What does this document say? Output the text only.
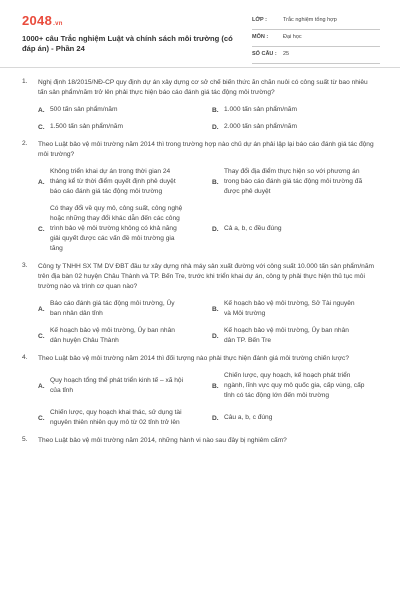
2048.vn
1000+ câu Trắc nghiệm Luật và chính sách môi trường (có đáp án) - Phần 24
LỚP :	Trắc nghiệm tổng hợp
MÔN :	Đại học
SỐ CÂU : 25
1. Nghị định 18/2015/NĐ-CP quy định dự án xây dựng cơ sở chế biến thức ăn chăn nuôi có công suất từ bao nhiêu tấn sản phẩm/năm trở lên phải thực hiện báo cáo đánh giá tác động môi trường?
A. 500 tấn sản phẩm/năm	B. 1.000 tấn sản phẩm/năm
C. 1.500 tấn sản phẩm/năm	D. 2.000 tấn sản phẩm/năm
2. Theo Luật bảo vệ môi trường năm 2014 thì trong trường hợp nào chủ dự án phải lập lại báo cáo đánh giá tác động môi trường?
A.
Không triển khai dự án trong thời gian 24 tháng kể từ thời điểm quyết định phê duyệt báo cáo đánh giá tác động môi trường
B.
Thay đổi địa điểm thực hiện so với phương án trong báo cáo đánh giá tác động môi trường đã được phê duyệt
C.
Có thay đổi về quy mô, công suất, công nghệ hoặc những thay đổi khác dẫn đến các công trình bảo vệ môi trường không có khả năng giải quyết được các vấn đề môi trường gia tăng
D. Cả a, b, c đều đúng
3. Công ty TNHH SX TM DV ĐBT đầu tư xây dựng nhà máy sản xuất đường với công suất 10.000 tấn sản phẩm/năm trên địa bàn 02 huyện Châu Thành và TP. Bến Tre, trước khi triển khai dự án, công ty phải thực hiện thủ tục môi trường nào và trình cơ quan nào?
A.
Báo cáo đánh giá tác động môi trường, Ủy ban nhân dân tỉnh
B.
Kế hoạch bảo vệ môi trường, Sở Tài nguyên và Môi trường
C.
Kế hoạch bảo vệ môi trường, Ủy ban nhân dân huyện Châu Thành
D.
Kế hoạch bảo vệ môi trường, Ủy ban nhân dân TP. Bến Tre
4. Theo Luật bảo vệ môi trường năm 2014 thì đối tượng nào phải thực hiện đánh giá môi trường chiến lược?
A.
Quy hoạch tổng thể phát triển kinh tế – xã hội của tỉnh
B.
Chiến lược, quy hoạch, kế hoạch phát triển ngành, lĩnh vực quy mô quốc gia, cấp vùng, cấp tỉnh có tác động lớn đến môi trường
C.
Chiến lược, quy hoạch khai thác, sử dụng tài nguyên thiên nhiên quy mô từ 02 tỉnh trở lên
D. Câu a, b, c đúng
5. Theo Luật bảo vệ môi trường năm 2014, những hành vi nào sau đây bị nghiêm cấm?
